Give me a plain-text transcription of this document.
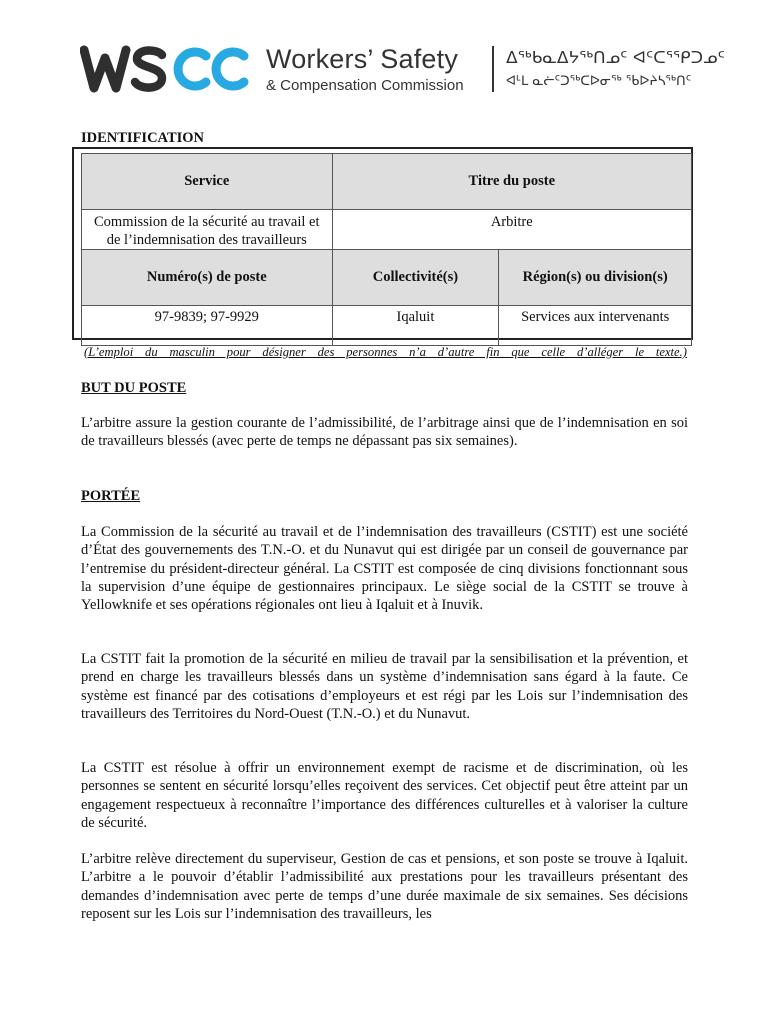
Workers’ Safety
& Compensation Commission
ᐃᖅᑲᓇᐃᔭᖅᑎᓄᑦ ᐊᑦᑕᕐᕿᑐᓄᑦ
ᐊᒻᒪ ᓇᓖᑦᑐᖅᑕᐅᓂᖅ ᖃᐅᔨᓴᖅᑎᑦ
IDENTIFICATION
Service	Titre du poste	
Commission de la sécurité au travail et de l’indemnisation des travailleurs	Arbitre	
Numéro(s) de poste	Collectivité(s)	Région(s) ou division(s)
97-9839; 97-9929	Iqaluit	Services aux intervenants
(L’emploi du masculin pour désigner des personnes n’a d’autre fin que celle d’alléger le texte.)
BUT DU POSTE

L’arbitre assure la gestion courante de l’admissibilité, de l’arbitrage ainsi que de l’indemnisation en soi de travailleurs blessés (avec perte de temps ne dépassant pas six semaines).

PORTÉE

La Commission de la sécurité au travail et de l’indemnisation des travailleurs (CSTIT) est une société d’État des gouvernements des T.N.-O. et du Nunavut qui est dirigée par un conseil de gouvernance par l’entremise du président-directeur général. La CSTIT est composée de cinq divisions fonctionnant sous la supervision d’une équipe de gestionnaires principaux. Le siège social de la CSTIT se trouve à Yellowknife et ses opérations régionales ont lieu à Iqaluit et à Inuvik.

La CSTIT fait la promotion de la sécurité en milieu de travail par la sensibilisation et la prévention, et prend en charge les travailleurs blessés dans un système d’indemnisation sans égard à la faute. Ce système est financé par des cotisations d’employeurs et est régi par les Lois sur l’indemnisation des travailleurs des Territoires du Nord-Ouest (T.N.-O.) et du Nunavut.

La CSTIT est résolue à offrir un environnement exempt de racisme et de discrimination, où les personnes se sentent en sécurité lorsqu’elles reçoivent des services. Cet objectif peut être atteint par un engagement respectueux à reconnaître l’importance des différences culturelles et à valoriser la culture de sécurité.

L’arbitre relève directement du superviseur, Gestion de cas et pensions, et son poste se trouve à Iqaluit. L’arbitre a le pouvoir d’établir l’admissibilité aux prestations pour les travailleurs présentant des demandes d’indemnisation avec perte de temps d’une durée maximale de six semaines. Ses décisions reposent sur les Lois sur l’indemnisation des travailleurs, les
